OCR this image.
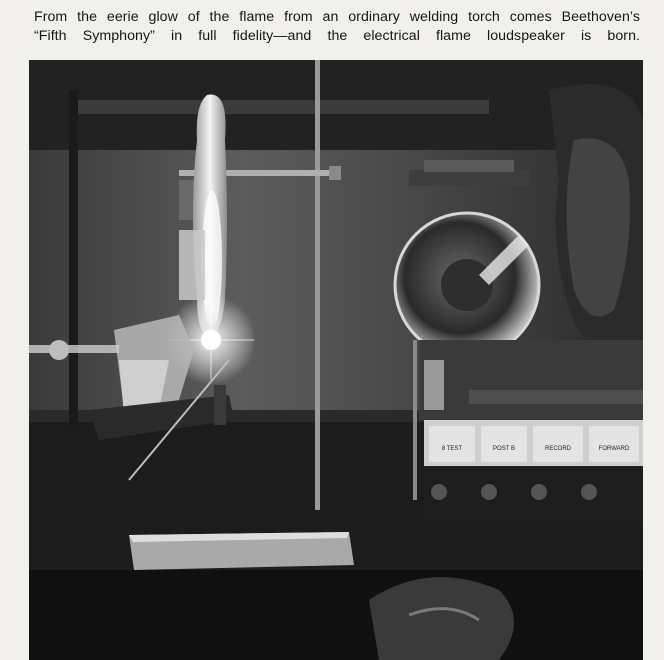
From the eerie glow of the flame from an ordinary welding torch comes Beethoven’s
“Fifth Symphony” in full fidelity—and the electrical flame loudspeaker is born.
8 TEST	POST B	RECORD	FORWARD
